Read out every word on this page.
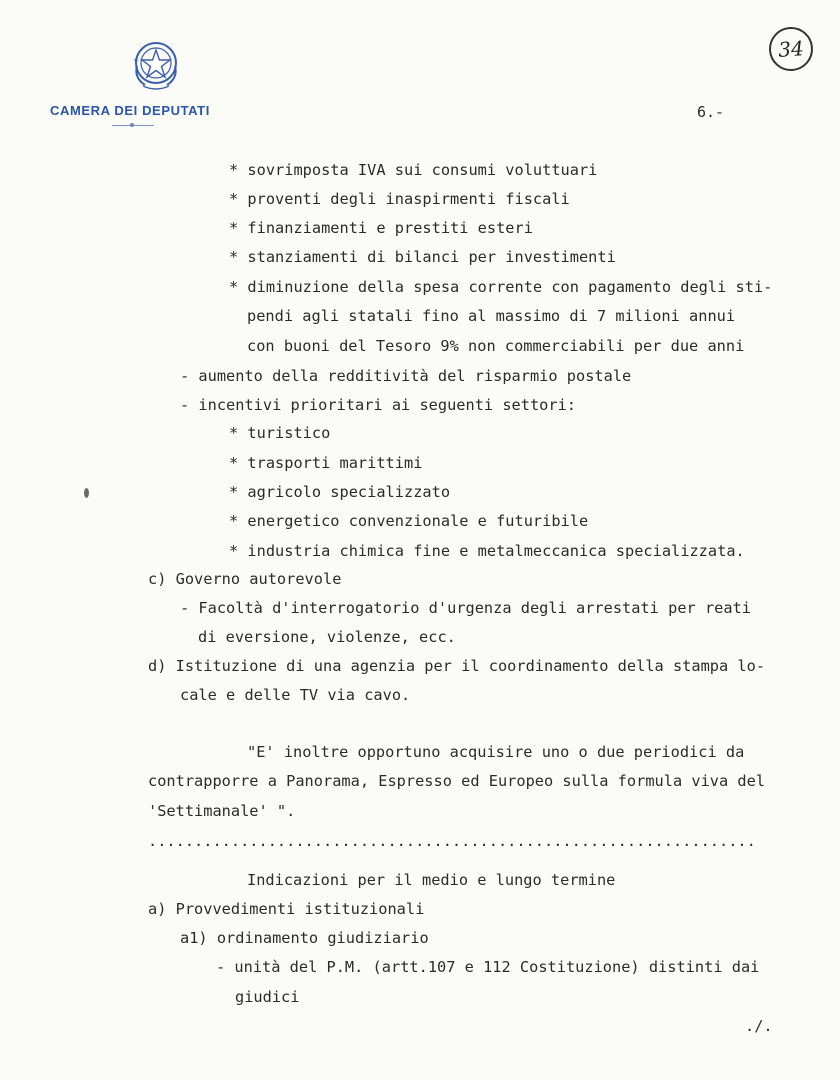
CAMERA DEI DEPUTATI	6.-
34
* sovrimposta IVA sui consumi voluttuari
* proventi degli inaspirmenti fiscali
* finanziamenti e prestiti esteri
* stanziamenti di bilanci per investimenti
* diminuzione della spesa corrente con pagamento degli sti-
pendi agli statali fino al massimo di 7 milioni annui
con buoni del Tesoro 9% non commerciabili per due anni
- aumento della redditività del risparmio postale
- incentivi prioritari ai seguenti settori:
* turistico
* trasporti marittimi
* agricolo specializzato
* energetico convenzionale e futuribile
* industria chimica fine e metalmeccanica specializzata.
c) Governo autorevole
- Facoltà d'interrogatorio d'urgenza degli arrestati per reati
di eversione, violenze, ecc.
d) Istituzione di una agenzia per il coordinamento della stampa lo-
cale e delle TV via cavo.
"E' inoltre opportuno acquisire uno o due periodici da
contrapporre a Panorama, Espresso ed Europeo sulla formula viva del
'Settimanale' ".
..................................................................
Indicazioni per il medio e lungo termine
a) Provvedimenti istituzionali
a1) ordinamento giudiziario
- unità del P.M. (artt.107 e 112 Costituzione) distinti dai
giudici
./.
